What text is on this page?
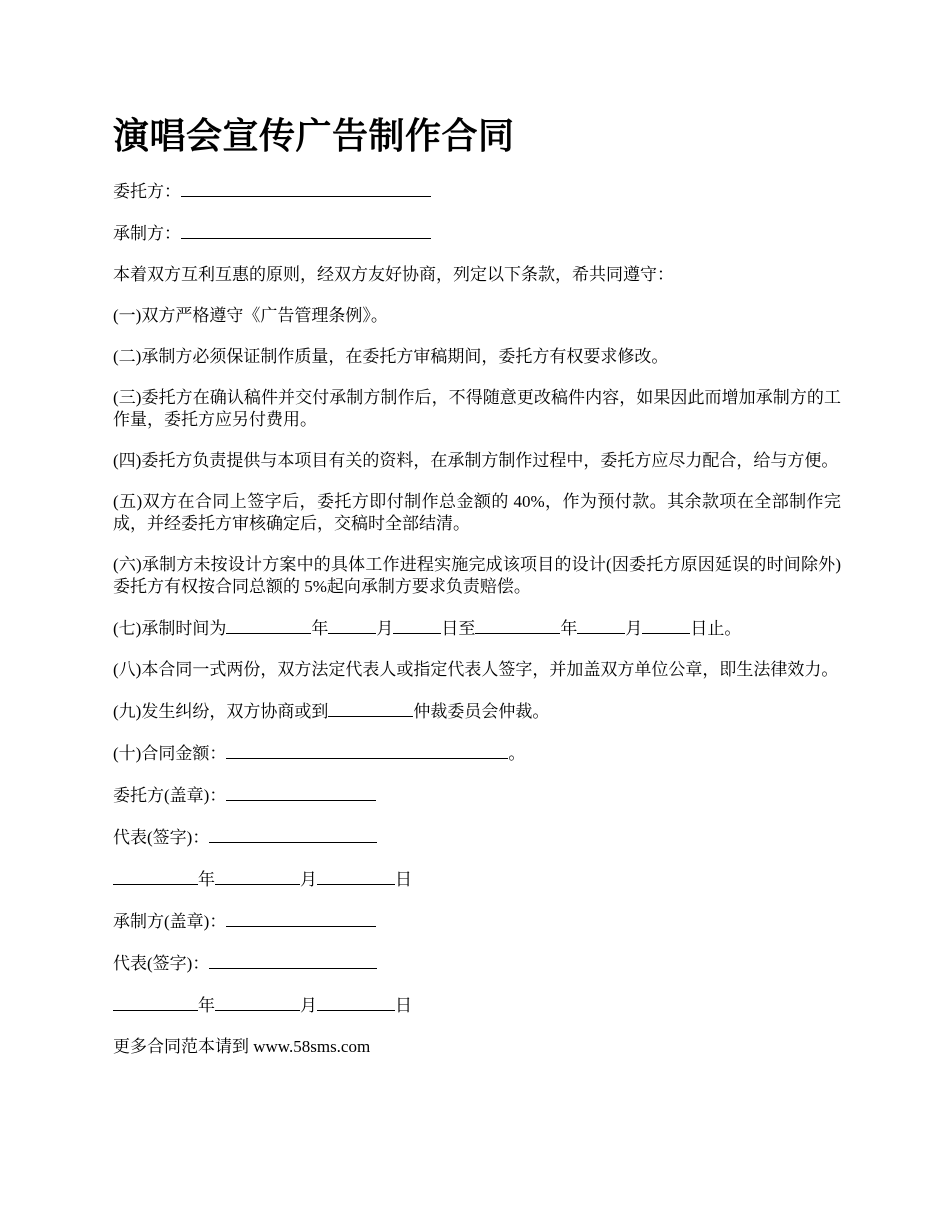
演唱会宣传广告制作合同

委托方：

承制方：

本着双方互利互惠的原则，经双方友好协商，列定以下条款，希共同遵守：

(一)双方严格遵守《广告管理条例》。

(二)承制方必须保证制作质量，在委托方审稿期间，委托方有权要求修改。

(三)委托方在确认稿件并交付承制方制作后，不得随意更改稿件内容，如果因此而增加承制方的工作量，委托方应另付费用。

(四)委托方负责提供与本项目有关的资料，在承制方制作过程中，委托方应尽力配合，给与方便。

(五)双方在合同上签字后，委托方即付制作总金额的 40%，作为预付款。其余款项在全部制作完成，并经委托方审核确定后，交稿时全部结清。

(六)承制方未按设计方案中的具体工作进程实施完成该项目的设计(因委托方原因延误的时间除外)委托方有权按合同总额的 5%起向承制方要求负责赔偿。

(七)承制时间为	年	月	日至	年	月	日止。

(八)本合同一式两份，双方法定代表人或指定代表人签字，并加盖双方单位公章，即生法律效力。

(九)发生纠纷，双方协商或到	仲裁委员会仲裁。

(十)合同金额：	。

委托方(盖章)：

代表(签字)：

年	月	日

承制方(盖章)：

代表(签字)：

年	月	日

更多合同范本请到 www.58sms.com
